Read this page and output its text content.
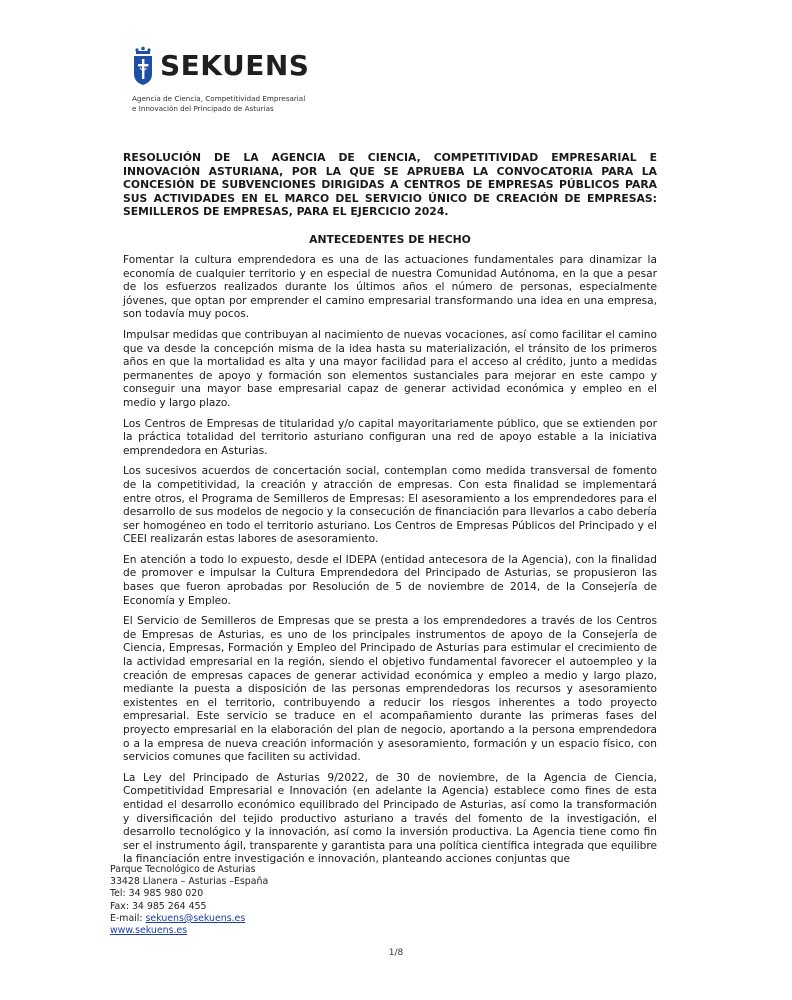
SEKUENS
Agencia de Ciencia, Competitividad Empresarial
e Innovación del Principado de Asturias

RESOLUCIÓN DE LA AGENCIA DE CIENCIA, COMPETITIVIDAD EMPRESARIAL E INNOVACIÓN ASTURIANA, POR LA QUE SE APRUEBA LA CONVOCATORIA PARA LA CONCESIÓN DE SUBVENCIONES DIRIGIDAS A CENTROS DE EMPRESAS PÚBLICOS PARA SUS ACTIVIDADES EN EL MARCO DEL SERVICIO ÚNICO DE CREACIÓN DE EMPRESAS: SEMILLEROS DE EMPRESAS, PARA EL EJERCICIO 2024.

ANTECEDENTES DE HECHO

Fomentar la cultura emprendedora es una de las actuaciones fundamentales para dinamizar la economía de cualquier territorio y en especial de nuestra Comunidad Autónoma, en la que a pesar de los esfuerzos realizados durante los últimos años el número de personas, especialmente jóvenes, que optan por emprender el camino empresarial transformando una idea en una empresa, son todavía muy pocos.

Impulsar medidas que contribuyan al nacimiento de nuevas vocaciones, así como facilitar el camino que va desde la concepción misma de la idea hasta su materialización, el tránsito de los primeros años en que la mortalidad es alta y una mayor facilidad para el acceso al crédito, junto a medidas permanentes de apoyo y formación son elementos sustanciales para mejorar en este campo y conseguir una mayor base empresarial capaz de generar actividad económica y empleo en el medio y largo plazo.

Los Centros de Empresas de titularidad y/o capital mayoritariamente público, que se extienden por la práctica totalidad del territorio asturiano configuran una red de apoyo estable a la iniciativa emprendedora en Asturias.

Los sucesivos acuerdos de concertación social, contemplan como medida transversal de fomento de la competitividad, la creación y atracción de empresas. Con esta finalidad se implementará entre otros, el Programa de Semilleros de Empresas: El asesoramiento a los emprendedores para el desarrollo de sus modelos de negocio y la consecución de financiación para llevarlos a cabo debería ser homogéneo en todo el territorio asturiano. Los Centros de Empresas Públicos del Principado y el CEEI realizarán estas labores de asesoramiento.

En atención a todo lo expuesto, desde el IDEPA (entidad antecesora de la Agencia), con la finalidad de promover e impulsar la Cultura Emprendedora del Principado de Asturias, se propusieron las bases que fueron aprobadas por Resolución de 5 de noviembre de 2014, de la Consejería de Economía y Empleo.

El Servicio de Semilleros de Empresas que se presta a los emprendedores a través de los Centros de Empresas de Asturias, es uno de los principales instrumentos de apoyo de la Consejería de Ciencia, Empresas, Formación y Empleo del Principado de Asturias para estimular el crecimiento de la actividad empresarial en la región, siendo el objetivo fundamental favorecer el autoempleo y la creación de empresas capaces de generar actividad económica y empleo a medio y largo plazo, mediante la puesta a disposición de las personas emprendedoras los recursos y asesoramiento existentes en el territorio, contribuyendo a reducir los riesgos inherentes a todo proyecto empresarial. Este servicio se traduce en el acompañamiento durante las primeras fases del proyecto empresarial en la elaboración del plan de negocio, aportando a la persona emprendedora o a la empresa de nueva creación información y asesoramiento, formación y un espacio físico, con servicios comunes que faciliten su actividad.

La Ley del Principado de Asturias 9/2022, de 30 de noviembre, de la Agencia de Ciencia, Competitividad Empresarial e Innovación (en adelante la Agencia) establece como fines de esta entidad el desarrollo económico equilibrado del Principado de Asturias, así como la transformación y diversificación del tejido productivo asturiano a través del fomento de la investigación, el desarrollo tecnológico y la innovación, así como la inversión productiva. La Agencia tiene como fin ser el instrumento ágil, transparente y garantista para una política científica integrada que equilibre la financiación entre investigación e innovación, planteando acciones conjuntas que

Parque Tecnológico de Asturias
33428 Llanera – Asturias –España
Tel: 34 985 980 020
Fax: 34 985 264 455
E-mail: sekuens@sekuens.es
www.sekuens.es
1/8
